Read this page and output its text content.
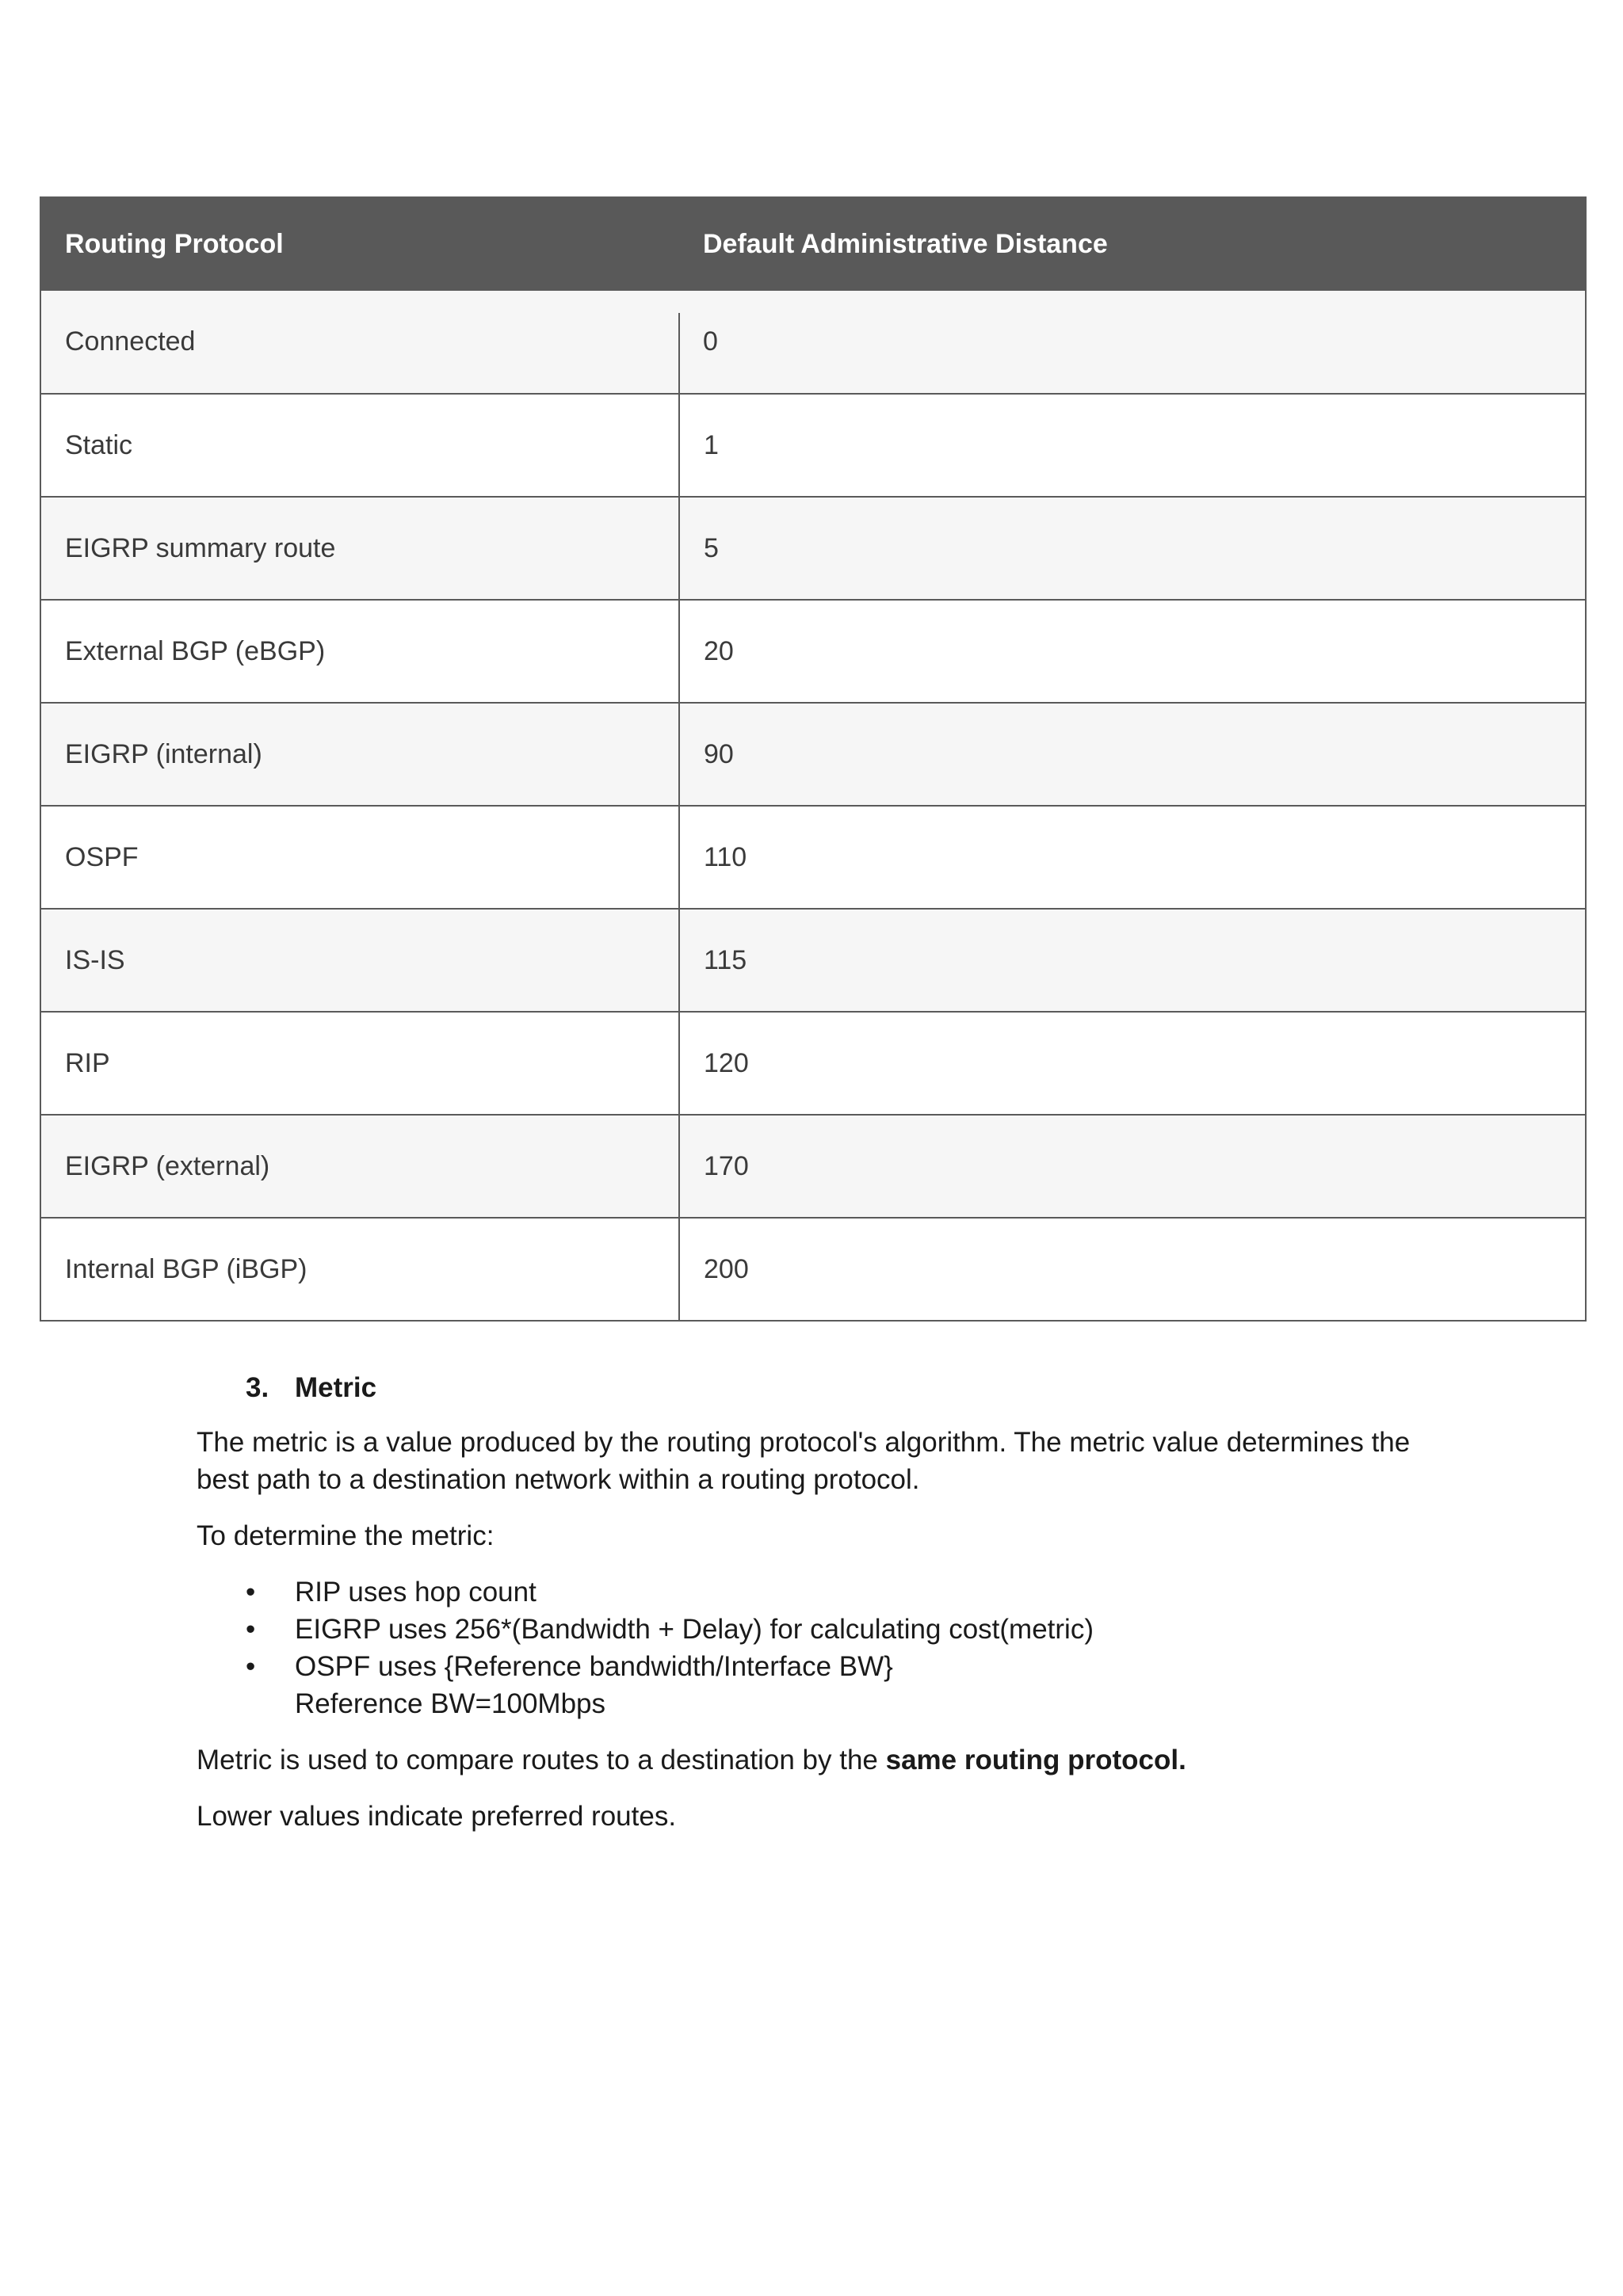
Routing Protocol	Default Administrative Distance
Connected	0
Static	1
EIGRP summary route	5
External BGP (eBGP)	20
EIGRP (internal)	90
OSPF	110
IS-IS	115
RIP	120
EIGRP (external)	170
Internal BGP (iBGP)	200
3. Metric

The metric is a value produced by the routing protocol's algorithm. The metric value determines the best path to a destination network within a routing protocol.

To determine the metric:

• RIP uses hop count
• EIGRP uses 256*(Bandwidth + Delay) for calculating cost(metric)
• OSPF uses {Reference bandwidth/Interface BW}
Reference BW=100Mbps

Metric is used to compare routes to a destination by the same routing protocol.

Lower values indicate preferred routes.
